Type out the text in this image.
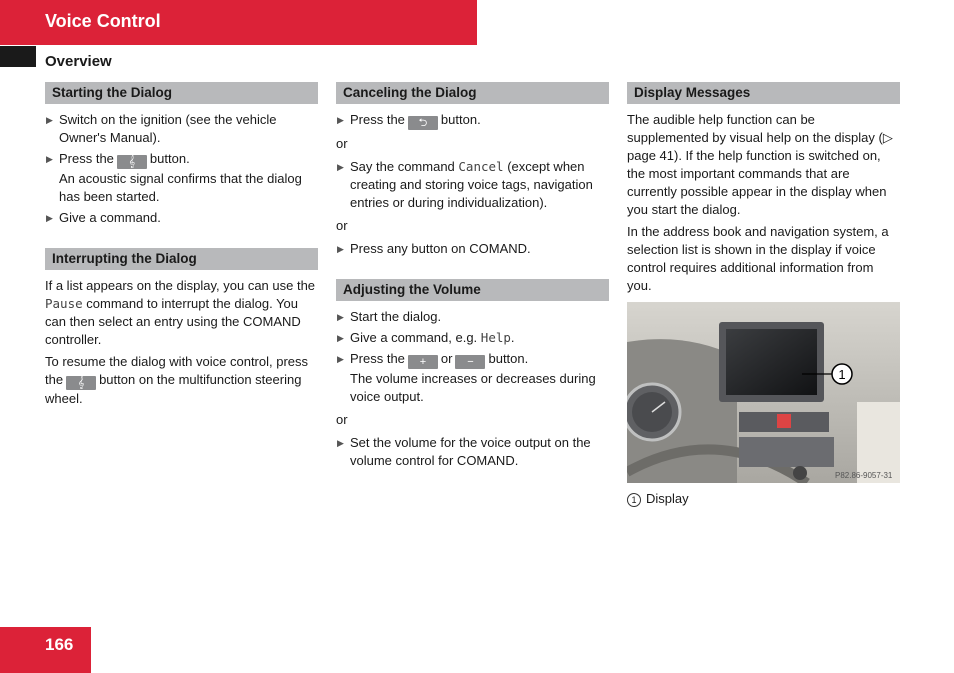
Voice Control
Overview
Starting the Dialog
▶
Switch on the ignition (see the vehicle Owner's Manual).
▶
Press the 𝄞 button.
An acoustic signal confirms that the dialog has been started.
▶
Give a command.
Interrupting the Dialog
If a list appears on the display, you can use the Pause command to interrupt the dialog. You can then select an entry using the COMAND controller.
To resume the dialog with voice control, press the 𝄞 button on the multifunction steering wheel.
Canceling the Dialog
▶
Press the ⮌ button.
or
▶
Say the command Cancel (except when creating and storing voice tags, navigation entries or during individualization).
or
▶
Press any button on COMAND.
Adjusting the Volume
▶
Start the dialog.
▶
Give a command, e.g. Help.
▶
Press the + or − button.
The volume increases or decreases during voice output.
or
▶
Set the volume for the voice output on the volume control for COMAND.
Display Messages
The audible help function can be supplemented by visual help on the display (▷ page 41). If the help function is switched on, the most important commands that are currently possible appear in the display when you start the dialog.
In the address book and navigation system, a selection list is shown in the display if voice control requires additional information from you.
1
P82.86-9057-31
1 Display
166
